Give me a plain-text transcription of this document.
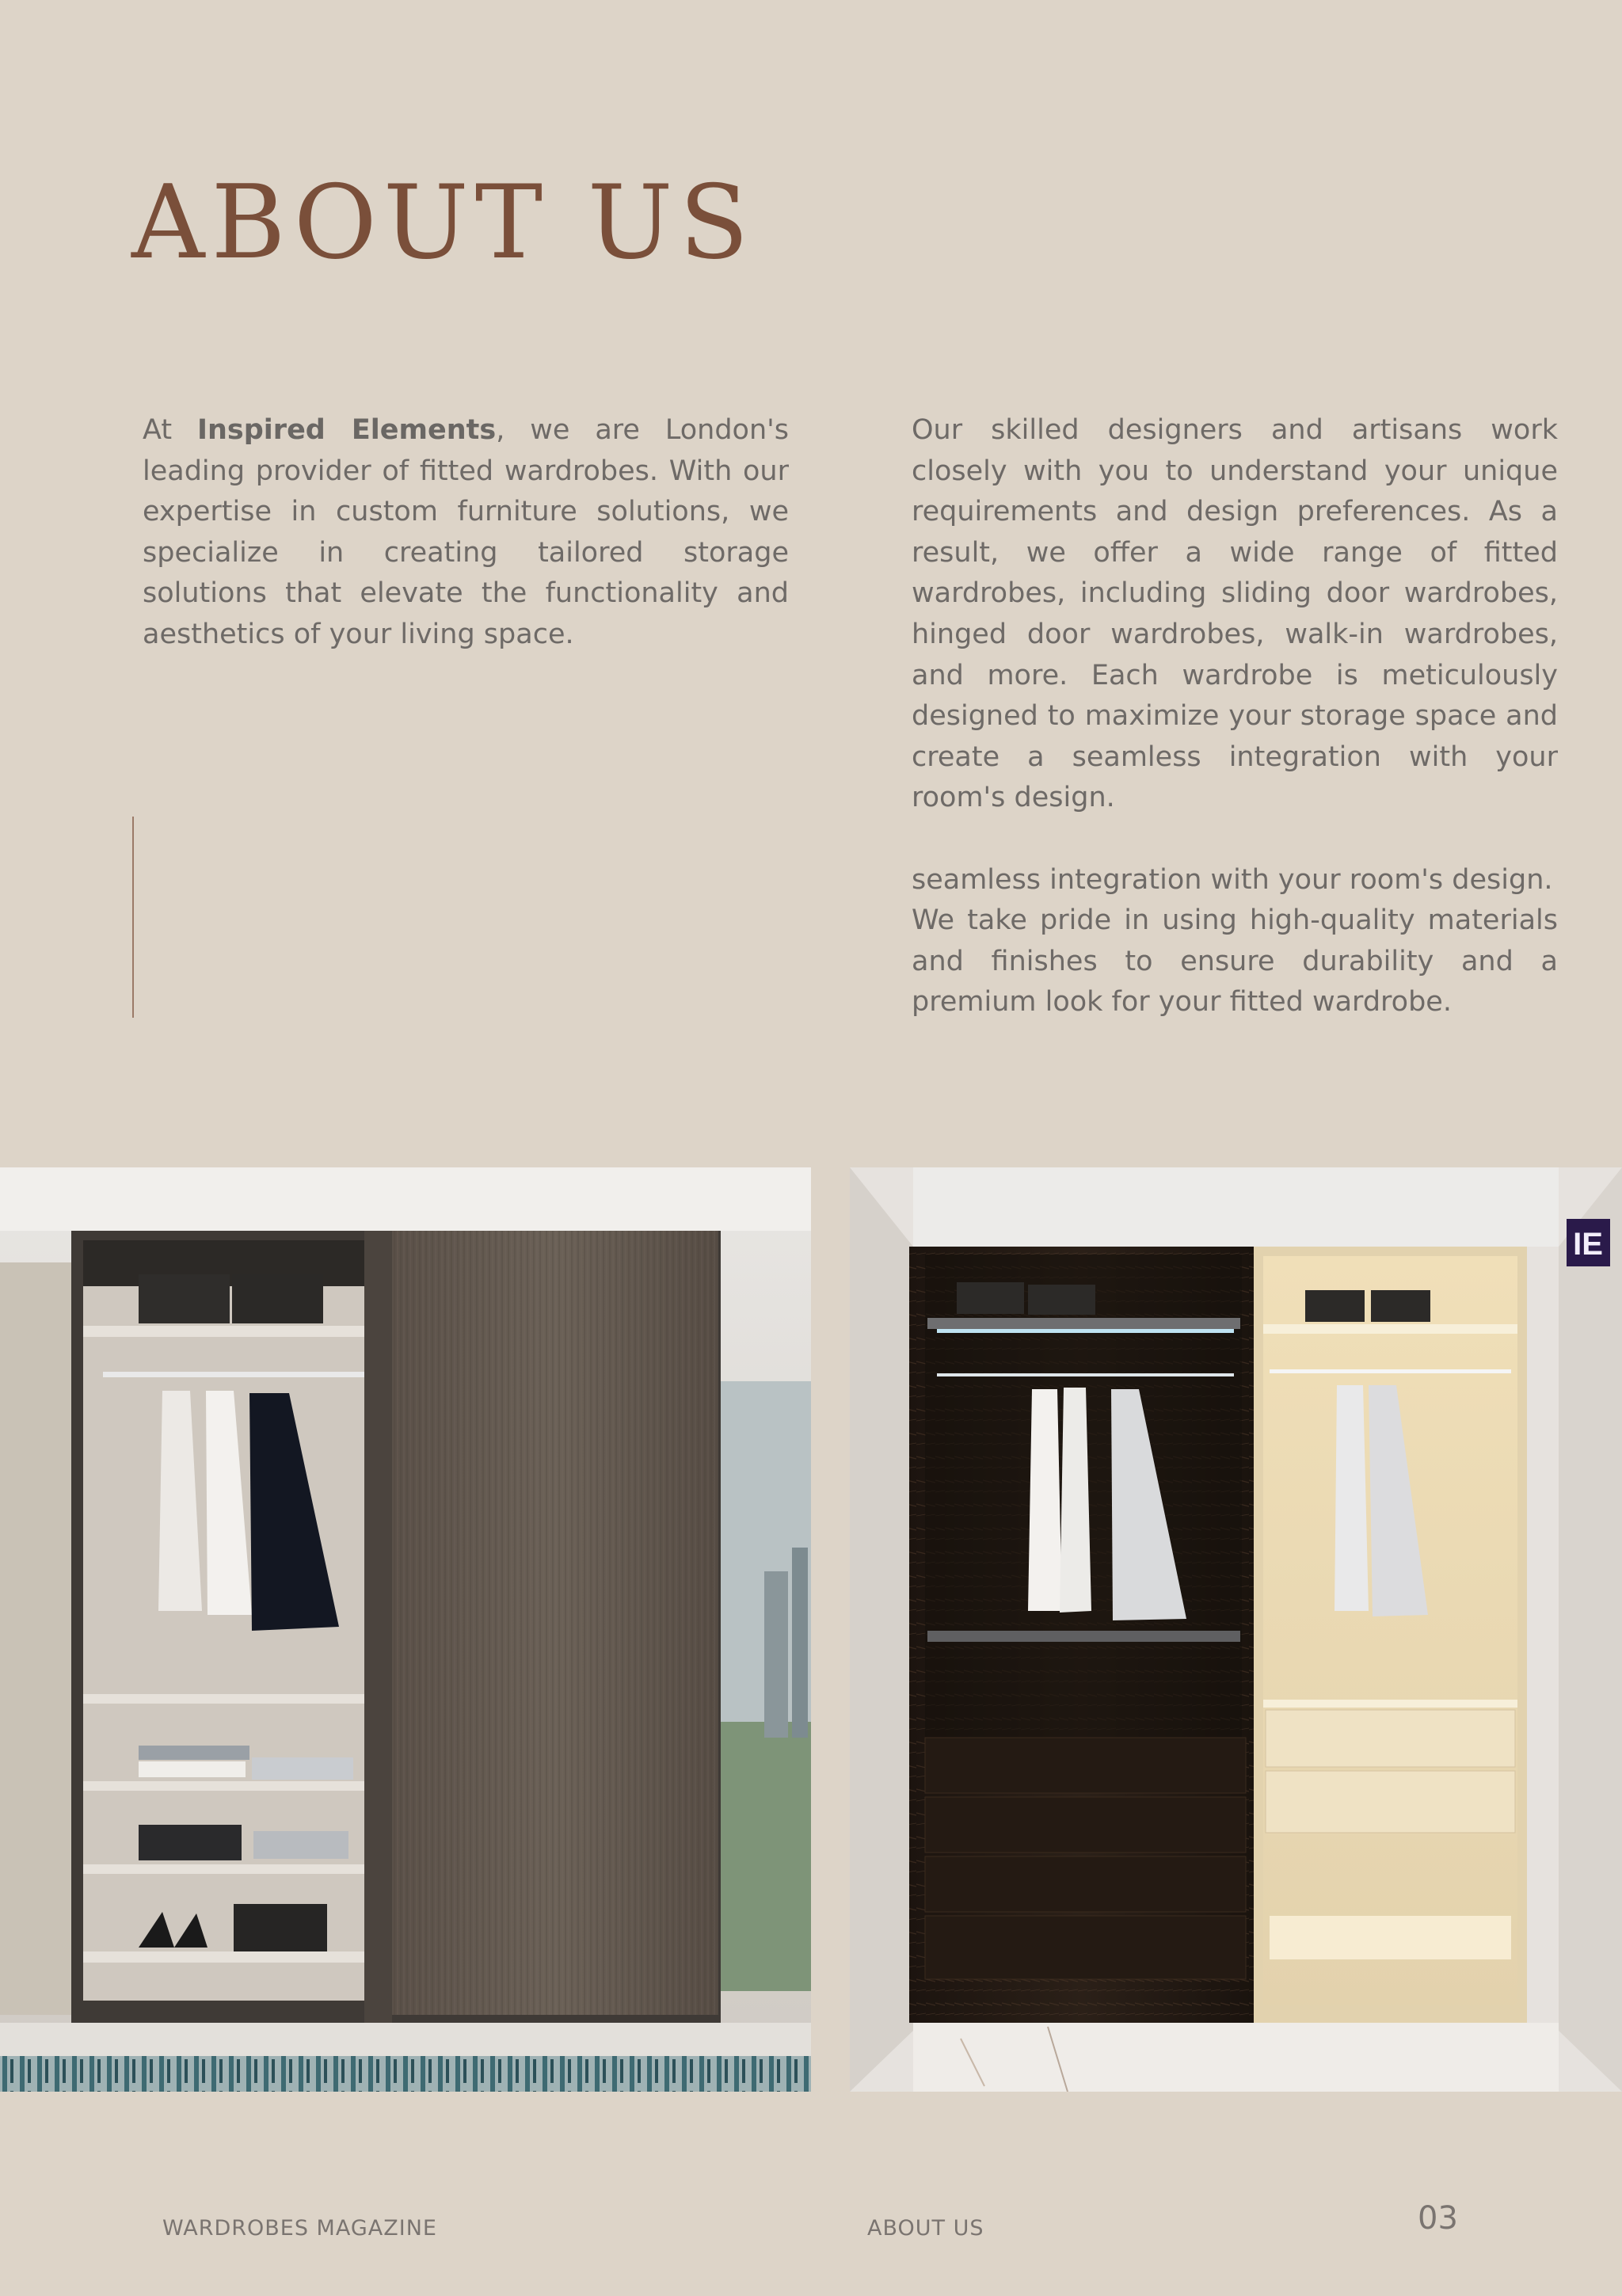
ABOUT US

At Inspired Elements, we are London's leading provider of fitted wardrobes. With our expertise in custom furniture solutions, we specialize in creating tailored storage solutions that elevate the functionality and aesthetics of your living space.

Our skilled designers and artisans work closely with you to understand your unique requirements and design preferences. As a result, we offer a wide range of fitted wardrobes, including sliding door wardrobes, hinged door wardrobes, walk-in wardrobes, and more. Each wardrobe is meticulously designed to maximize your storage space and create a seamless integration with your room's design.

seamless integration with your room's design.

We take pride in using high-quality materials and finishes to ensure durability and a premium look for your fitted wardrobe.

IE
WARDROBES MAGAZINE	ABOUT US	03
